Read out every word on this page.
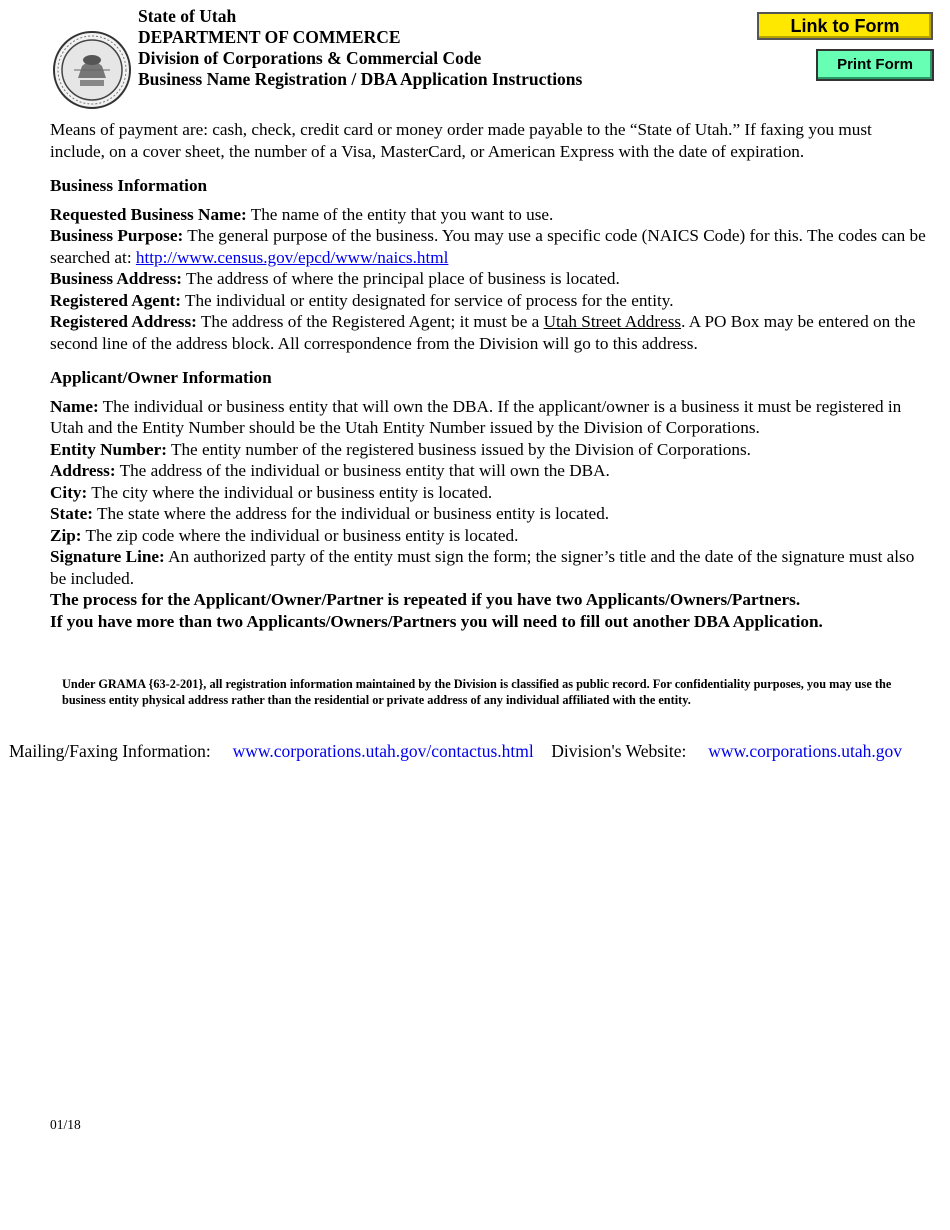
State of Utah
DEPARTMENT OF COMMERCE
Division of Corporations & Commercial Code
Business Name Registration / DBA Application Instructions
Link to Form
Print Form

Means of payment are: cash, check, credit card or money order made payable to the “State of Utah.” If faxing you must include, on a cover sheet, the number of a Visa, MasterCard, or American Express with the date of expiration.

Business Information

Requested Business Name: The name of the entity that you want to use.

Business Purpose: The general purpose of the business. You may use a specific code (NAICS Code) for this. The codes can be searched at: http://www.census.gov/epcd/www/naics.html

Business Address: The address of where the principal place of business is located.

Registered Agent: The individual or entity designated for service of process for the entity.

Registered Address: The address of the Registered Agent; it must be a Utah Street Address. A PO Box may be entered on the second line of the address block. All correspondence from the Division will go to this address.

Applicant/Owner Information

Name: The individual or business entity that will own the DBA. If the applicant/owner is a business it must be registered in Utah and the Entity Number should be the Utah Entity Number issued by the Division of Corporations.

Entity Number: The entity number of the registered business issued by the Division of Corporations.

Address: The address of the individual or business entity that will own the DBA.

City: The city where the individual or business entity is located.

State: The state where the address for the individual or business entity is located.

Zip: The zip code where the individual or business entity is located.

Signature Line: An authorized party of the entity must sign the form; the signer’s title and the date of the signature must also be included.

The process for the Applicant/Owner/Partner is repeated if you have two Applicants/Owners/Partners.

If you have more than two Applicants/Owners/Partners you will need to fill out another DBA Application.

Under GRAMA {63-2-201}, all registration information maintained by the Division is classified as public record. For confidentiality purposes, you may use the business entity physical address rather than the residential or private address of any individual affiliated with the entity.
Mailing/Faxing Information: www.corporations.utah.gov/contactus.html Division's Website: www.corporations.utah.gov
01/18
